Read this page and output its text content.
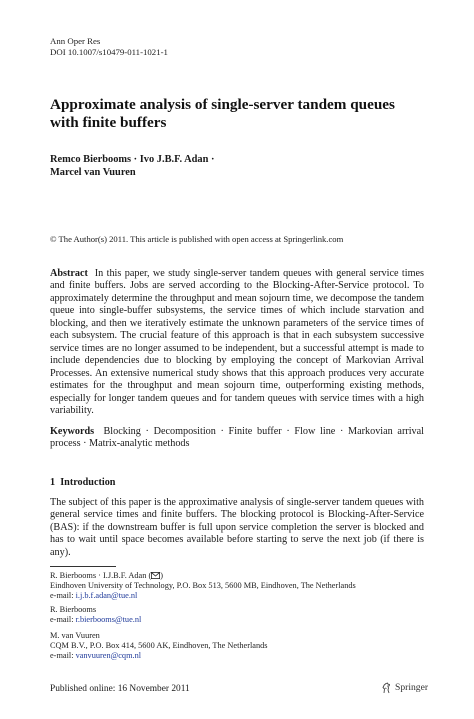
Ann Oper Res
DOI 10.1007/s10479-011-1021-1
Approximate analysis of single-server tandem queues
with finite buffers
Remco Bierbooms · Ivo J.B.F. Adan ·
Marcel van Vuuren
© The Author(s) 2011. This article is published with open access at Springerlink.com
Abstract In this paper, we study single-server tandem queues with general service times and finite buffers. Jobs are served according to the Blocking-After-Service protocol. To approximately determine the throughput and mean sojourn time, we decompose the tandem queue into single-buffer subsystems, the service times of which include starvation and blocking, and then we iteratively estimate the unknown parameters of the service times of each subsystem. The crucial feature of this approach is that in each subsystem successive service times are no longer assumed to be independent, but a successful attempt is made to include dependencies due to blocking by employing the concept of Markovian Arrival Processes. An extensive numerical study shows that this approach produces very accurate estimates for the throughput and mean sojourn time, outperforming existing methods, especially for longer tandem queues and for tandem queues with service times with a high variability.
Keywords Blocking · Decomposition · Finite buffer · Flow line · Markovian arrival process · Matrix-analytic methods
1 Introduction
The subject of this paper is the approximative analysis of single-server tandem queues with general service times and finite buffers. The blocking protocol is Blocking-After-Service (BAS): if the downstream buffer is full upon service completion the server is blocked and has to wait until space becomes available before starting to serve the next job (if there is any).
R. Bierbooms · I.J.B.F. Adan ( )
Eindhoven University of Technology, P.O. Box 513, 5600 MB, Eindhoven, The Netherlands
e-mail: i.j.b.f.adan@tue.nl
R. Bierbooms
e-mail: r.bierbooms@tue.nl
M. van Vuuren
CQM B.V., P.O. Box 414, 5600 AK, Eindhoven, The Netherlands
e-mail: vanvuuren@cqm.nl
Published online: 16 November 2011	Springer
